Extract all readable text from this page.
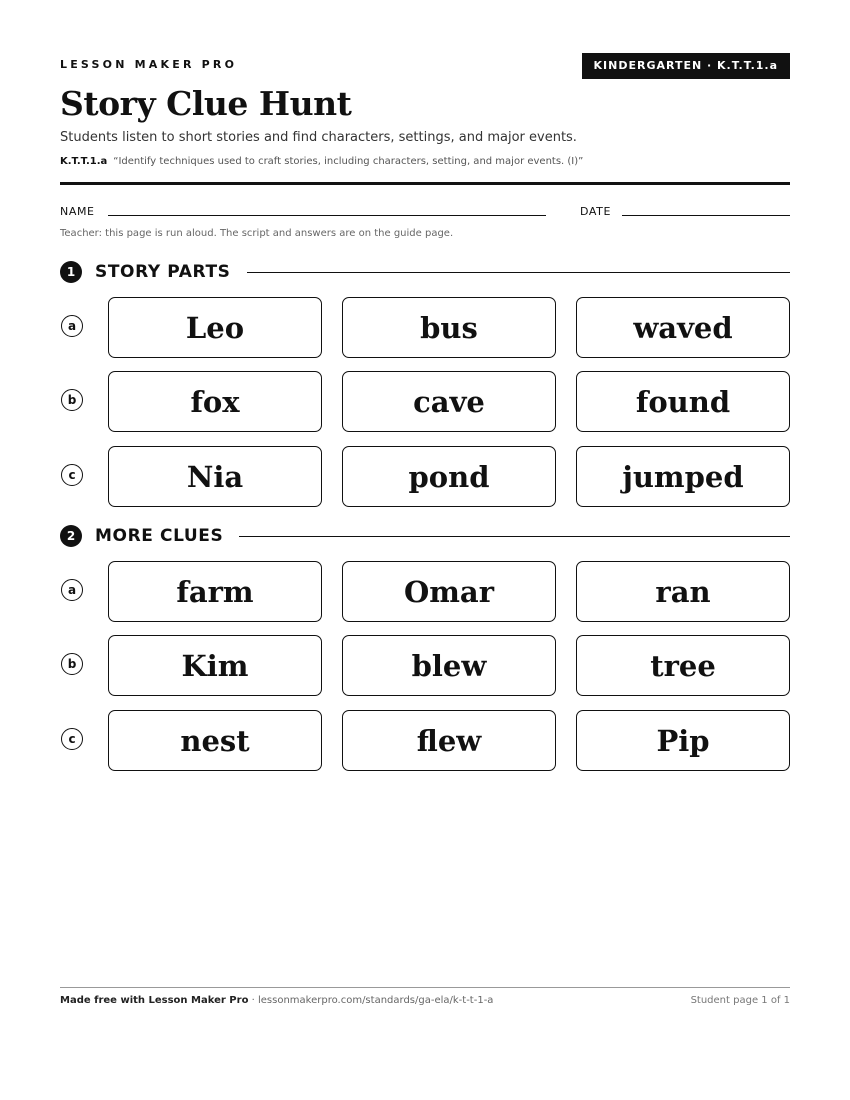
LESSON MAKER PRO	KINDERGARTEN · K.T.T.1.a
Story Clue Hunt
Students listen to short stories and find characters, settings, and major events.
K.T.T.1.a “Identify techniques used to craft stories, including characters, setting, and major events. (I)”
NAME	DATE
Teacher: this page is run aloud. The script and answers are on the guide page.
1	STORY PARTS
a	Leo	bus	waved
b	fox	cave	found
c	Nia	pond	jumped
2	MORE CLUES
a	farm	Omar	ran
b	Kim	blew	tree
c	nest	flew	Pip
Made free with Lesson Maker Pro · lessonmakerpro.com/standards/ga-ela/k-t-t-1-a	Student page 1 of 1
